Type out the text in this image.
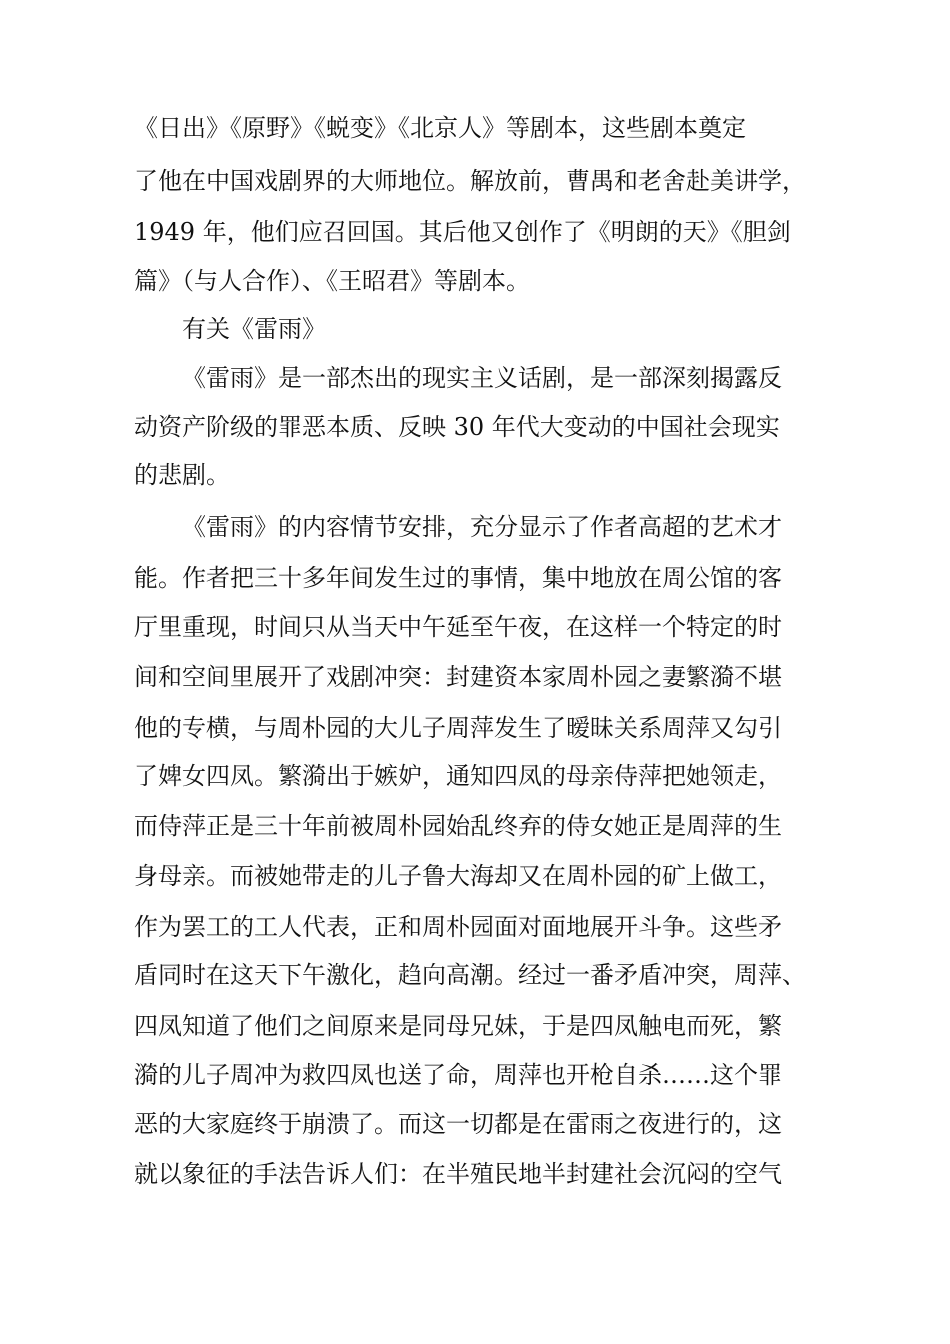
《日出》《原野》《蜕变》《北京人》等剧本，这些剧本奠定
了他在中国戏剧界的大师地位。解放前，曹禺和老舍赴美讲学，
1949 年，他们应召回国。其后他又创作了《明朗的天》《胆剑
篇》（与人合作）、《王昭君》等剧本。
有关《雷雨》
《雷雨》是一部杰出的现实主义话剧，是一部深刻揭露反
动资产阶级的罪恶本质、反映 30 年代大变动的中国社会现实
的悲剧。
《雷雨》的内容情节安排，充分显示了作者高超的艺术才
能。作者把三十多年间发生过的事情，集中地放在周公馆的客
厅里重现，时间只从当天中午延至午夜，在这样一个特定的时
间和空间里展开了戏剧冲突：封建资本家周朴园之妻繁漪不堪
他的专横，与周朴园的大儿子周萍发生了暧昧关系周萍又勾引
了婢女四凤。繁漪出于嫉妒，通知四凤的母亲侍萍把她领走，
而侍萍正是三十年前被周朴园始乱终弃的侍女她正是周萍的生
身母亲。而被她带走的儿子鲁大海却又在周朴园的矿上做工，
作为罢工的工人代表，正和周朴园面对面地展开斗争。这些矛
盾同时在这天下午激化，趋向高潮。经过一番矛盾冲突，周萍、
四凤知道了他们之间原来是同母兄妹，于是四凤触电而死，繁
漪的儿子周冲为救四凤也送了命，周萍也开枪自杀……这个罪
恶的大家庭终于崩溃了。而这一切都是在雷雨之夜进行的，这
就以象征的手法告诉人们：在半殖民地半封建社会沉闷的空气
